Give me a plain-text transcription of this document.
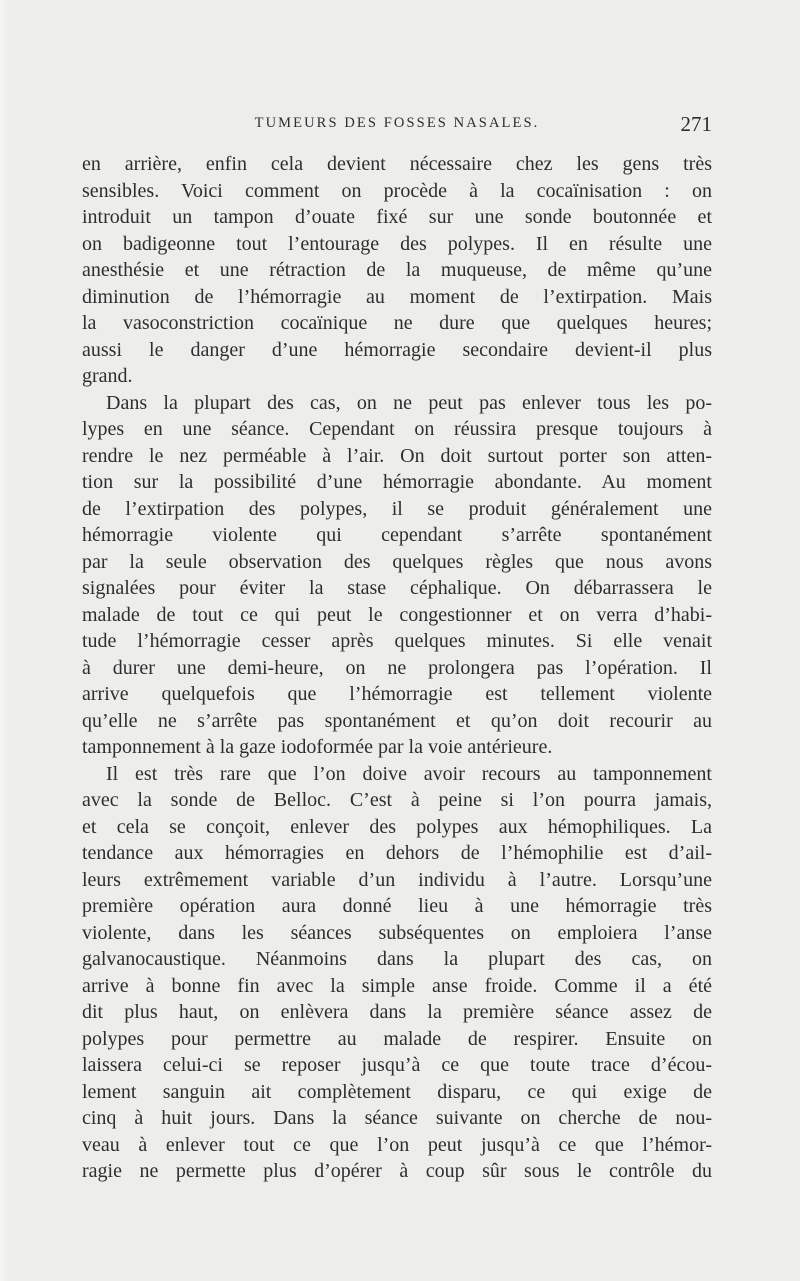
TUMEURS DES FOSSES NASALES.	271
en arrière, enfin cela devient nécessaire chez les gens très
sensibles. Voici comment on procède à la cocaïnisation : on
introduit un tampon d’ouate fixé sur une sonde boutonnée et
on badigeonne tout l’entourage des polypes. Il en résulte une
anesthésie et une rétraction de la muqueuse, de même qu’une
diminution de l’hémorragie au moment de l’extirpation. Mais
la vasoconstriction cocaïnique ne dure que quelques heures;
aussi le danger d’une hémorragie secondaire devient-il plus
grand.
Dans la plupart des cas, on ne peut pas enlever tous les po-
lypes en une séance. Cependant on réussira presque toujours à
rendre le nez perméable à l’air. On doit surtout porter son atten-
tion sur la possibilité d’une hémorragie abondante. Au moment
de l’extirpation des polypes, il se produit généralement une
hémorragie violente qui cependant s’arrête spontanément
par la seule observation des quelques règles que nous avons
signalées pour éviter la stase céphalique. On débarrassera le
malade de tout ce qui peut le congestionner et on verra d’habi-
tude l’hémorragie cesser après quelques minutes. Si elle venait
à durer une demi-heure, on ne prolongera pas l’opération. Il
arrive quelquefois que l’hémorragie est tellement violente
qu’elle ne s’arrête pas spontanément et qu’on doit recourir au
tamponnement à la gaze iodoformée par la voie antérieure.
Il est très rare que l’on doive avoir recours au tamponnement
avec la sonde de Belloc. C’est à peine si l’on pourra jamais,
et cela se conçoit, enlever des polypes aux hémophiliques. La
tendance aux hémorragies en dehors de l’hémophilie est d’ail-
leurs extrêmement variable d’un individu à l’autre. Lorsqu’une
première opération aura donné lieu à une hémorragie très
violente, dans les séances subséquentes on emploiera l’anse
galvanocaustique. Néanmoins dans la plupart des cas, on
arrive à bonne fin avec la simple anse froide. Comme il a été
dit plus haut, on enlèvera dans la première séance assez de
polypes pour permettre au malade de respirer. Ensuite on
laissera celui-ci se reposer jusqu’à ce que toute trace d’écou-
lement sanguin ait complètement disparu, ce qui exige de
cinq à huit jours. Dans la séance suivante on cherche de nou-
veau à enlever tout ce que l’on peut jusqu’à ce que l’hémor-
ragie ne permette plus d’opérer à coup sûr sous le contrôle du
